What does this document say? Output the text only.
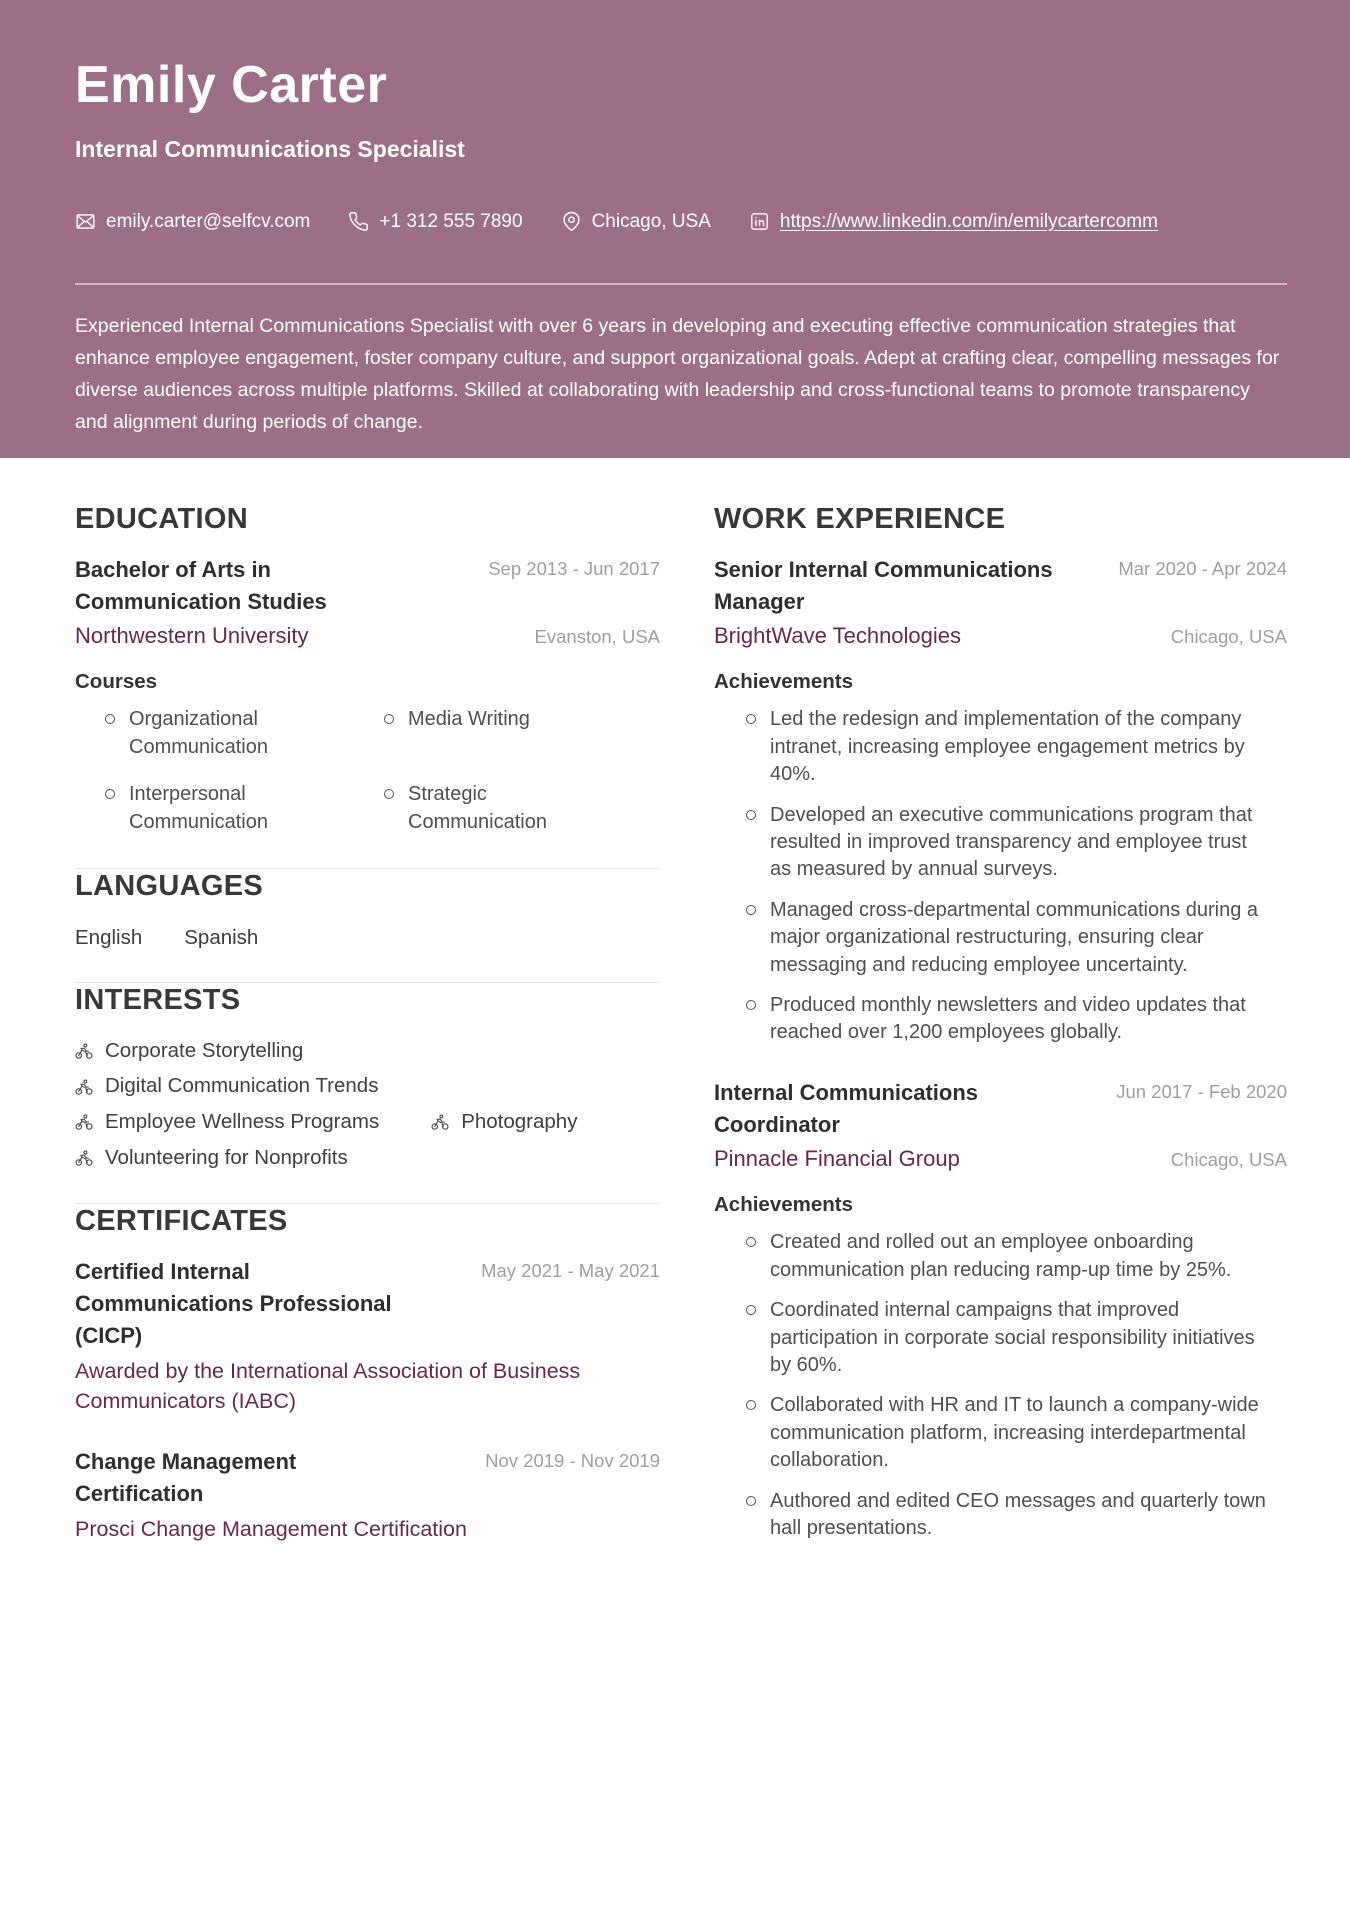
Emily Carter
Internal Communications Specialist
emily.carter@selfcv.com	+1 312 555 7890	Chicago, USA	https://www.linkedin.com/in/emilycartercomm

Experienced Internal Communications Specialist with over 6 years in developing and executing effective communication strategies that enhance employee engagement, foster company culture, and support organizational goals. Adept at crafting clear, compelling messages for diverse audiences across multiple platforms. Skilled at collaborating with leadership and cross-functional teams to promote transparency and alignment during periods of change.

EDUCATION
Bachelor of Arts in Communication Studies
Sep 2013 - Jun 2017
Northwestern University	Evanston, USA
Courses
Organizational Communication
Media Writing
Interpersonal Communication
Strategic Communication
LANGUAGES
English Spanish
INTERESTS
Corporate Storytelling
Digital Communication Trends
Employee Wellness Programs	Photography
Volunteering for Nonprofits
CERTIFICATES
Certified Internal Communications Professional (CICP)
May 2021 - May 2021
Awarded by the International Association of Business Communicators (IABC)
Change Management Certification
Nov 2019 - Nov 2019
Prosci Change Management Certification
WORK EXPERIENCE
Senior Internal Communications Manager
Mar 2020 - Apr 2024
BrightWave Technologies	Chicago, USA
Achievements
Led the redesign and implementation of the company intranet, increasing employee engagement metrics by 40%.
Developed an executive communications program that resulted in improved transparency and employee trust as measured by annual surveys.
Managed cross-departmental communications during a major organizational restructuring, ensuring clear messaging and reducing employee uncertainty.
Produced monthly newsletters and video updates that reached over 1,200 employees globally.
Internal Communications Coordinator
Jun 2017 - Feb 2020
Pinnacle Financial Group	Chicago, USA
Achievements
Created and rolled out an employee onboarding communication plan reducing ramp-up time by 25%.
Coordinated internal campaigns that improved participation in corporate social responsibility initiatives by 60%.
Collaborated with HR and IT to launch a company-wide communication platform, increasing interdepartmental collaboration.
Authored and edited CEO messages and quarterly town hall presentations.
